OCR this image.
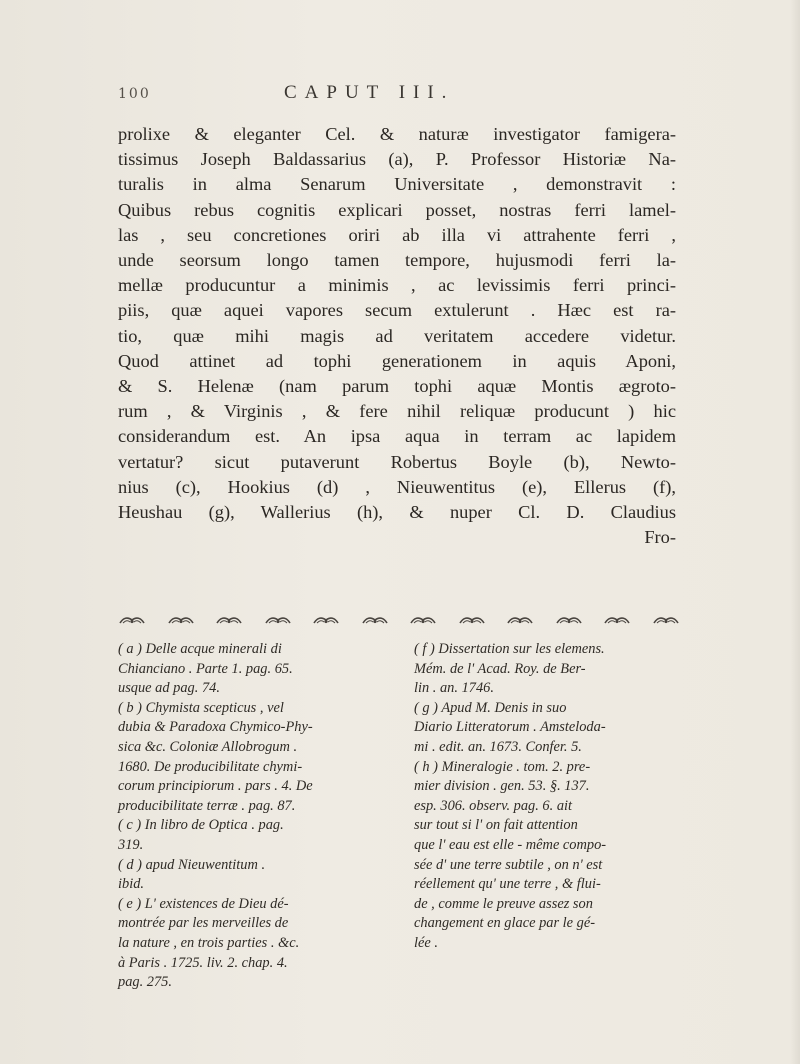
100	CAPUT III.
prolixe & eleganter Cel. & naturæ investigator famigera-
tissimus Joseph Baldassarius (a), P. Professor Historiæ Na-
turalis in alma Senarum Universitate , demonstravit :
Quibus rebus cognitis explicari posset, nostras ferri lamel-
las , seu concretiones oriri ab illa vi attrahente ferri ,
unde seorsum longo tamen tempore, hujusmodi ferri la-
mellæ producuntur a minimis , ac levissimis ferri princi-
piis, quæ aquei vapores secum extulerunt . Hæc est ra-
tio, quæ mihi magis ad veritatem accedere videtur.
Quod attinet ad tophi generationem in aquis Aponi,
& S. Helenæ (nam parum tophi aquæ Montis ægroto-
rum , & Virginis , & fere nihil reliquæ producunt ) hic
considerandum est. An ipsa aqua in terram ac lapidem
vertatur? sicut putaverunt Robertus Boyle (b), Newto-
nius (c), Hookius (d) , Nieuwentitus (e), Ellerus (f),
Heushau (g), Wallerius (h), & nuper Cl. D. Claudius
Fro-
( a ) Delle acque minerali di
Chianciano . Parte 1. pag. 65.
usque ad pag. 74.
( b ) Chymista scepticus , vel
dubia & Paradoxa Chymico-Phy-
sica &c. Coloniæ Allobrogum .
1680. De producibilitate chymi-
corum principiorum . pars . 4. De
producibilitate terræ . pag. 87.
( c ) In libro de Optica . pag.
319.
( d ) apud Nieuwentitum .
ibid.
( e ) L' existences de Dieu dé-
montrée par les merveilles de
la nature , en trois parties . &c.
à Paris . 1725. liv. 2. chap. 4.
pag. 275.
( f ) Dissertation sur les elemens.
Mém. de l' Acad. Roy. de Ber-
lin . an. 1746.
( g ) Apud M. Denis in suo
Diario Litteratorum . Amsteloda-
mi . edit. an. 1673. Confer. 5.
( h ) Mineralogie . tom. 2. pre-
mier division . gen. 53. §. 137.
esp. 306. observ. pag. 6. ait
sur tout si l' on fait attention
que l' eau est elle - même compo-
sée d' une terre subtile , on n' est
réellement qu' une terre , & flui-
de , comme le preuve assez son
changement en glace par le gé-
lée .
